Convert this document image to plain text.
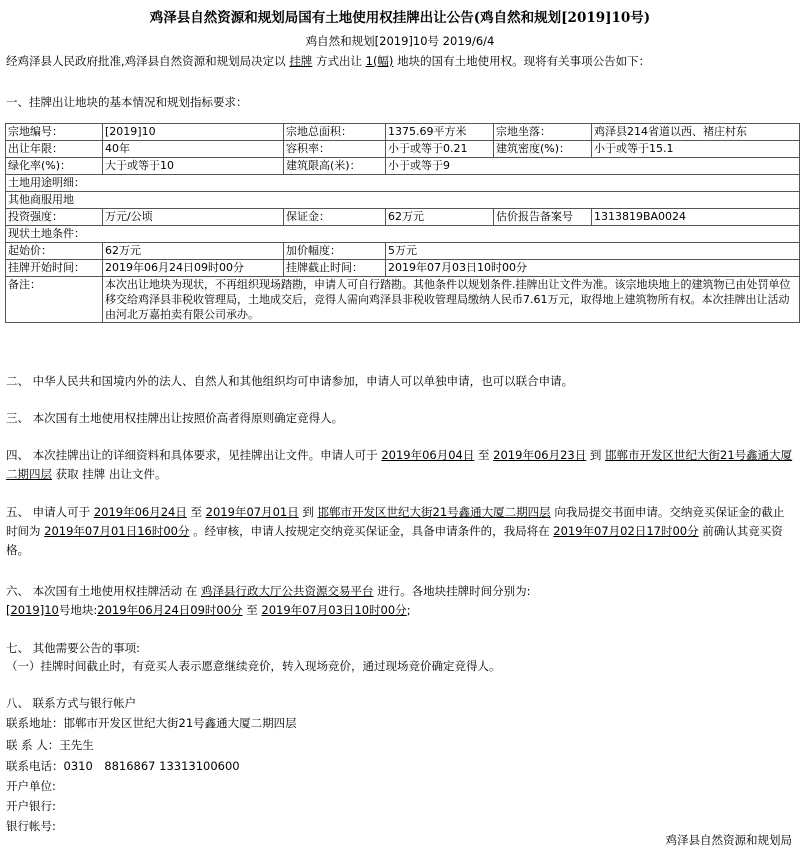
鸡泽县自然资源和规划局国有土地使用权挂牌出让公告(鸡自然和规划[2019]10号)
鸡自然和规划[2019]10号 2019/6/4
经鸡泽县人民政府批准,鸡泽县自然资源和规划局决定以 挂牌 方式出让 1(幅) 地块的国有土地使用权。现将有关事项公告如下：
一、挂牌出让地块的基本情况和规划指标要求：
宗地编号：	[2019]10	宗地总面积：	1375.69平方米	宗地坐落：	鸡泽县214省道以西、褚庄村东
出让年限：	40年	容积率：	小于或等于0.21	建筑密度(%)：	小于或等于15.1
绿化率(%)：	大于或等于10	建筑限高(米)：	小于或等于9		
土地用途明细：					
其他商服用地					
投资强度：	万元/公顷	保证金：	62万元	估价报告备案号	1313819BA0024
现状土地条件：					
起始价：	62万元	加价幅度：	5万元		
挂牌开始时间：	2019年06月24日09时00分	挂牌截止时间：	2019年07月03日10时00分		
备注：	本次出让地块为现状，不再组织现场踏勘，申请人可自行踏勘。其他条件以规划条件.挂牌出让文件为准。该宗地块地上的建筑物已由处罚单位移交给鸡泽县非税收管理局，土地成交后，竞得人需向鸡泽县非税收管理局缴纳人民币7.61万元，取得地上建筑物所有权。本次挂牌出让活动由河北万嘉拍卖有限公司承办。				
二、 中华人民共和国境内外的法人、自然人和其他组织均可申请参加，申请人可以单独申请，也可以联合申请。
三、 本次国有土地使用权挂牌出让按照价高者得原则确定竞得人。
四、 本次挂牌出让的详细资料和具体要求，见挂牌出让文件。申请人可于 2019年06月04日 至 2019年06月23日 到 邯郸市开发区世纪大街21号鑫通大厦二期四层 获取 挂牌 出让文件。
五、 申请人可于 2019年06月24日 至 2019年07月01日 到 邯郸市开发区世纪大街21号鑫通大厦二期四层 向我局提交书面申请。交纳竞买保证金的截止时间为 2019年07月01日16时00分 。经审核，申请人按规定交纳竞买保证金，具备申请条件的，我局将在 2019年07月02日17时00分 前确认其竞买资格。
六、 本次国有土地使用权挂牌活动 在 鸡泽县行政大厅公共资源交易平台 进行。各地块挂牌时间分别为:
[2019]10号地块:2019年06月24日09时00分 至 2019年07月03日10时00分;
七、 其他需要公告的事项:
（一）挂牌时间截止时，有竞买人表示愿意继续竞价，转入现场竞价，通过现场竞价确定竞得人。
八、 联系方式与银行帐户
联系地址：邯郸市开发区世纪大街21号鑫通大厦二期四层
联 系 人：王先生
联系电话：0310　8816867 13313100600
开户单位:
开户银行:
银行帐号:
鸡泽县自然资源和规划局
